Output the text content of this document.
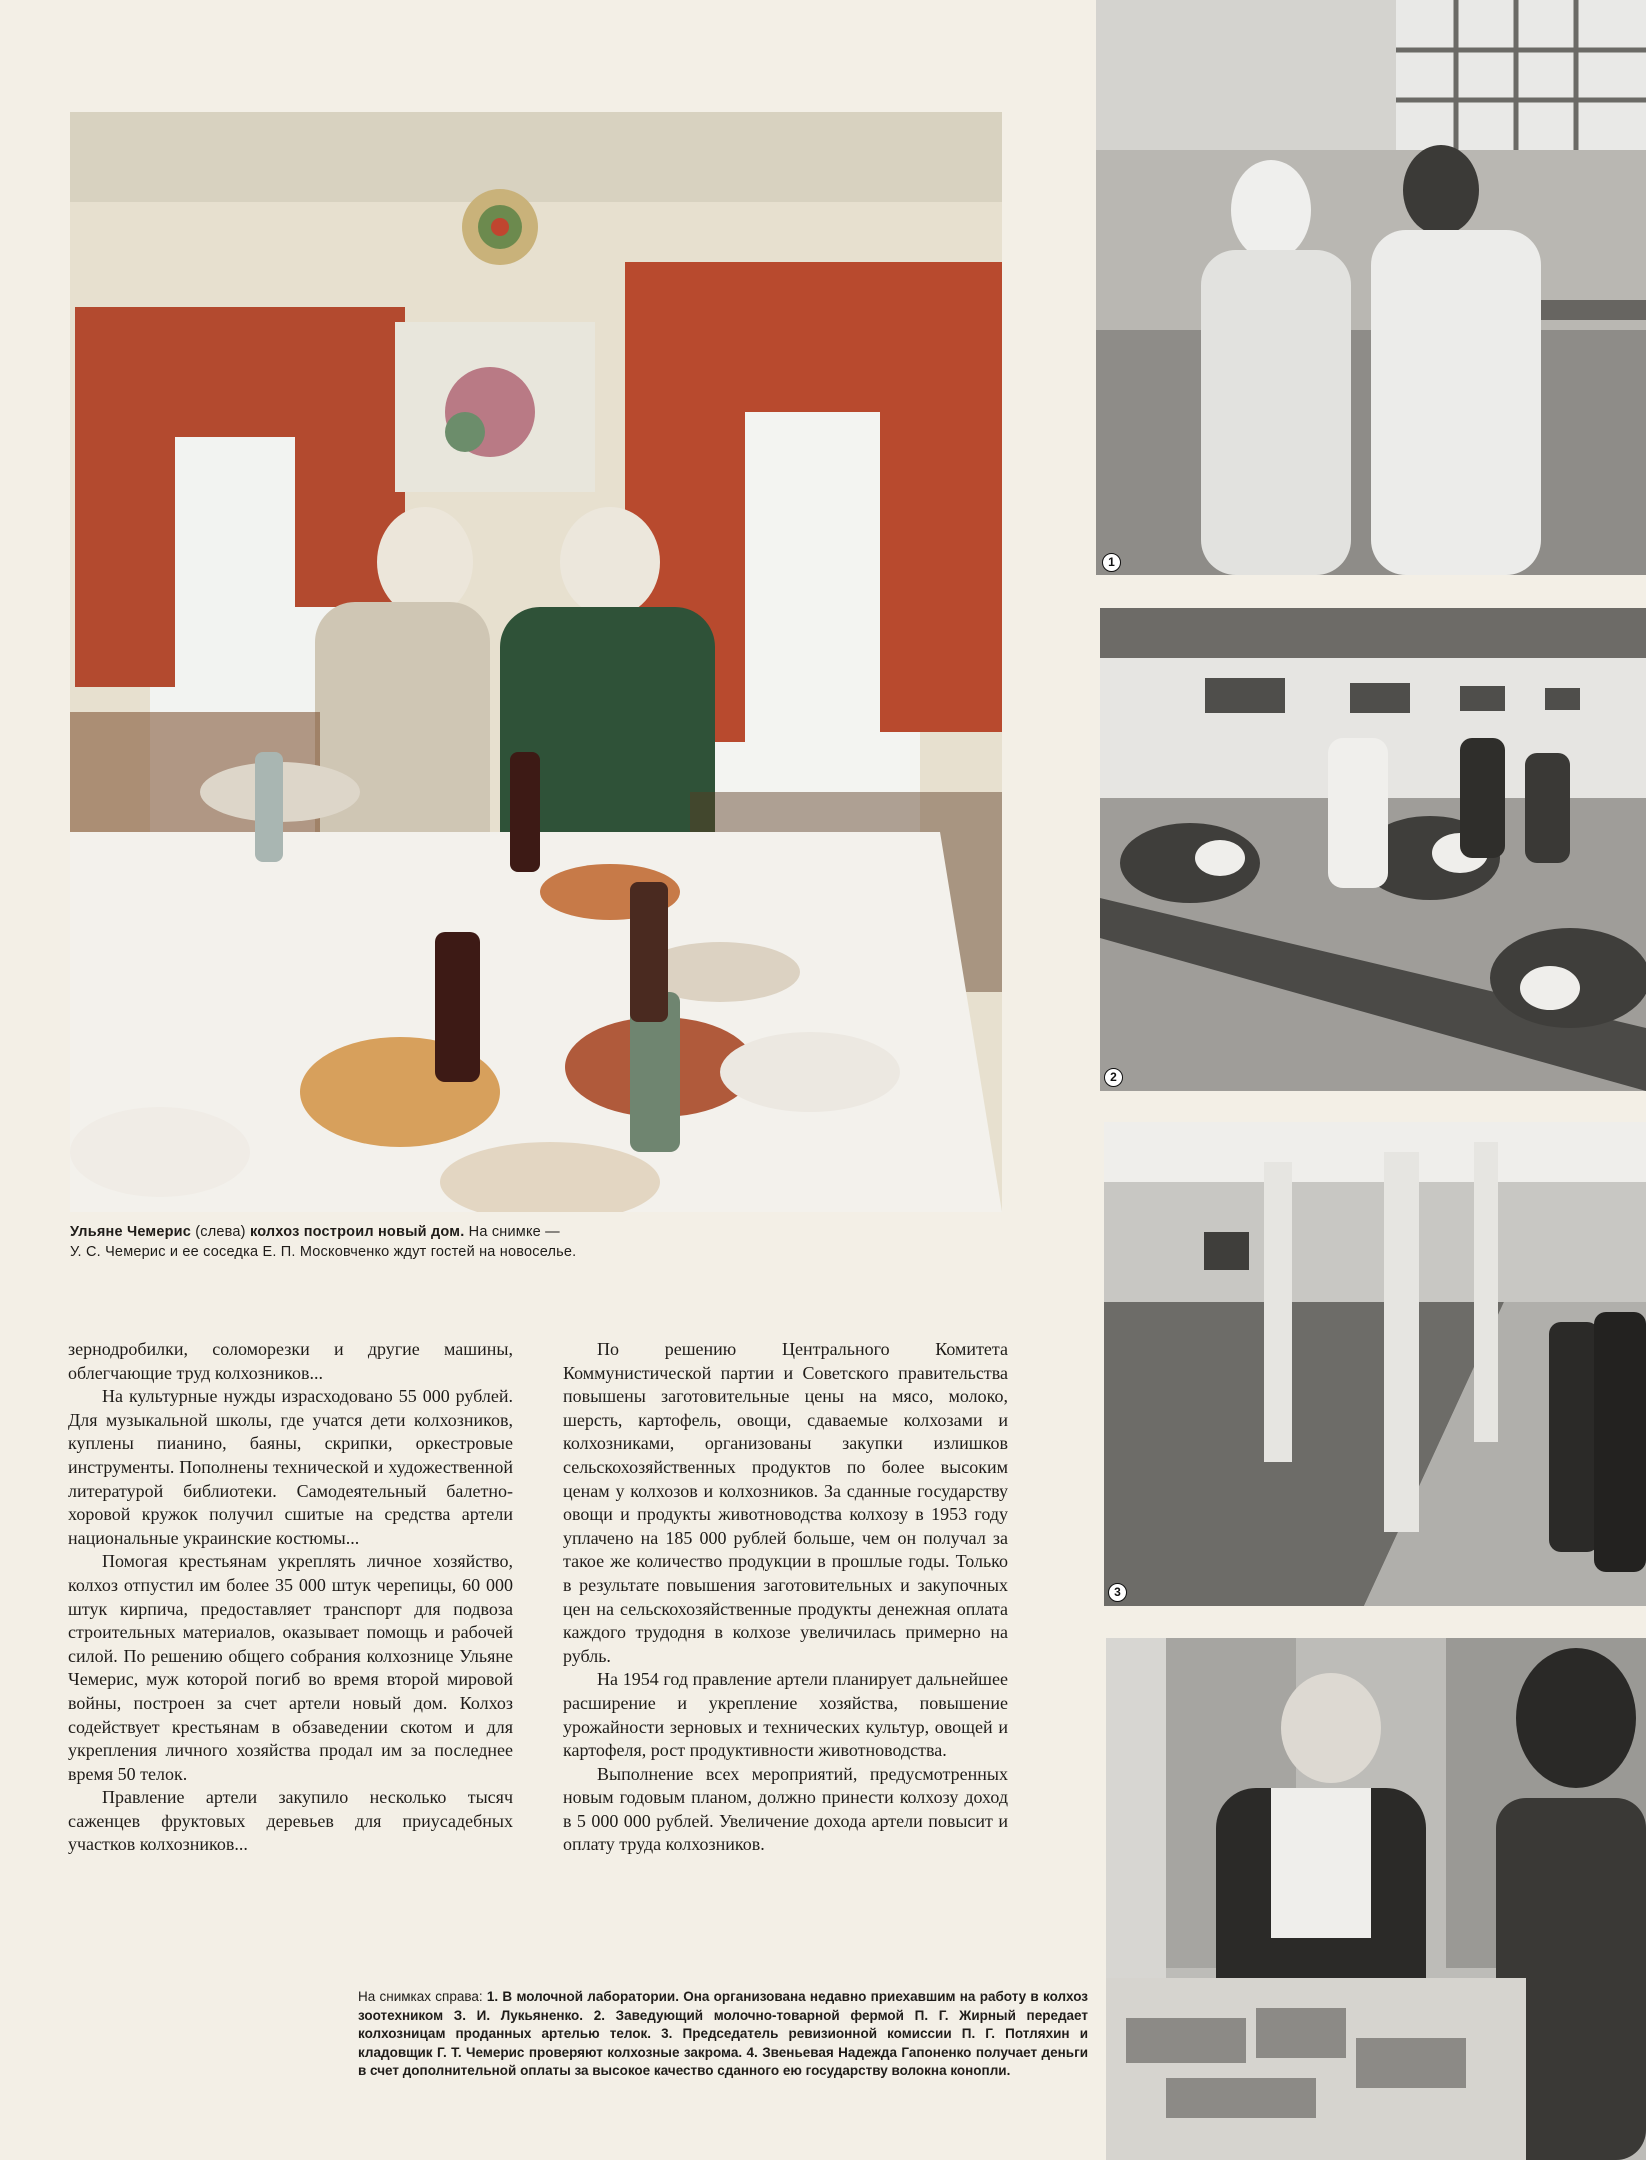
Ульяне Чемерис (слева) колхоз построил новый дом. На снимке —
У. С. Чемерис и ее соседка Е. П. Московченко ждут гостей на новоселье.

зернодробилки, соломорезки и другие машины, облегчающие труд колхозников...

На культурные нужды израсходовано 55 000 рублей. Для музыкальной школы, где учатся дети колхозников, куплены пианино, баяны, скрипки, оркестровые инструменты. Пополнены технической и художественной литературой библиотеки. Самодеятельный балетно-хоровой кружок получил сшитые на средства артели национальные украинские костюмы...

Помогая крестьянам укреплять личное хозяйство, колхоз отпустил им более 35 000 штук черепицы, 60 000 штук кирпича, предоставляет транспорт для подвоза строительных материалов, оказывает помощь и рабочей силой. По решению общего собрания колхознице Ульяне Чемерис, муж которой погиб во время второй мировой войны, построен за счет артели новый дом. Колхоз содействует крестьянам в обзаведении скотом и для укрепления личного хозяйства продал им за последнее время 50 телок.

Правление артели закупило несколько тысяч саженцев фруктовых деревьев для приусадебных участков колхозников...

По решению Центрального Комитета Коммунистической партии и Советского правительства повышены заготовительные цены на мясо, молоко, шерсть, картофель, овощи, сдаваемые колхозами и колхозниками, организованы закупки излишков сельскохозяйственных продуктов по более высоким ценам у колхозов и колхозников. За сданные государству овощи и продукты животноводства колхозу в 1953 году уплачено на 185 000 рублей больше, чем он получал за такое же количество продукции в прошлые годы. Только в результате повышения заготовительных и закупочных цен на сельскохозяйственные продукты денежная оплата каждого трудодня в колхозе увеличилась примерно на рубль.

На 1954 год правление артели планирует дальнейшее расширение и укрепление хозяйства, повышение урожайности зерновых и технических культур, овощей и картофеля, рост продуктивности животноводства.

Выполнение всех мероприятий, предусмотренных новым годовым планом, должно принести колхозу доход в 5 000 000 рублей. Увеличение дохода артели повысит и оплату труда колхозников.

На снимках справа: 1. В молочной лаборатории. Она организована недавно приехавшим на работу в колхоз зоотехником З. И. Лукьяненко. 2. Заведующий молочно-товарной фермой П. Г. Жирный передает колхозницам проданных артелью телок. 3. Председатель ревизионной комиссии П. Г. Потляхин и кладовщик Г. Т. Чемерис проверяют колхозные закрома. 4. Звеньевая Надежда Гапоненко получает деньги в счет дополнительной оплаты за высокое качество сданного ею государству волокна конопли.
1
2
3
